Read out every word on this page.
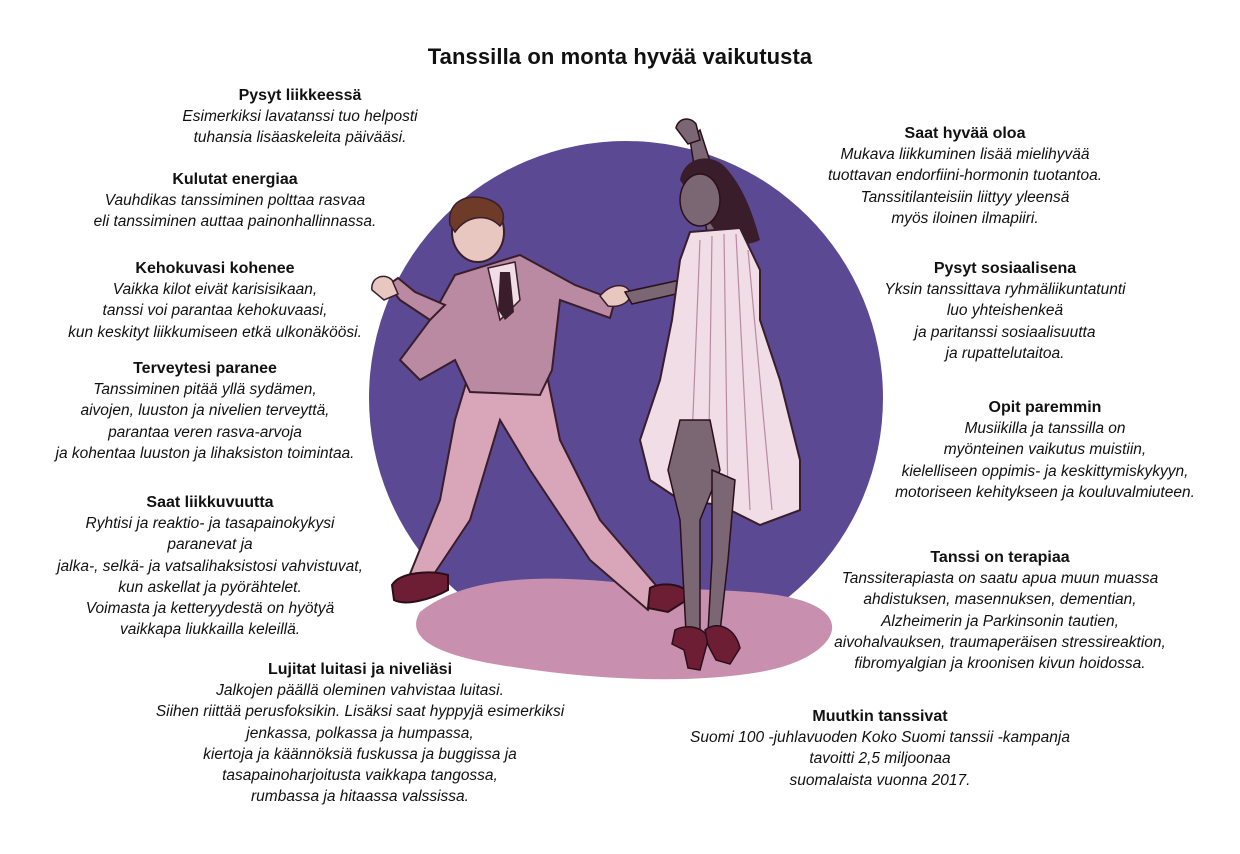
Tanssilla on monta hyvää vaikutusta
Pysyt liikkeessä
Esimerkiksi lavatanssi tuo helposti
tuhansia lisäaskeleita päivääsi.
Kulutat energiaa
Vauhdikas tanssiminen polttaa rasvaa
eli tanssiminen auttaa painonhallinnassa.
Kehokuvasi kohenee
Vaikka kilot eivät karisisikaan,
tanssi voi parantaa kehokuvaasi,
kun keskityt liikkumiseen etkä ulkonäköösi.
Terveytesi paranee
Tanssiminen pitää yllä sydämen,
aivojen, luuston ja nivelien terveyttä,
parantaa veren rasva-arvoja
ja kohentaa luuston ja lihaksiston toimintaa.
Saat liikkuvuutta
Ryhtisi ja reaktio- ja tasapainokykysi
paranevat ja
jalka-, selkä- ja vatsalihaksistosi vahvistuvat,
kun askellat ja pyörähtelet.
Voimasta ja ketteryydestä on hyötyä
vaikkapa liukkailla keleillä.
Lujitat luitasi ja niveliäsi
Jalkojen päällä oleminen vahvistaa luitasi.
Siihen riittää perusfoksikin. Lisäksi saat hyppyjä esimerkiksi
jenkassa, polkassa ja humpassa,
kiertoja ja käännöksiä fuskussa ja buggissa ja
tasapainoharjoitusta vaikkapa tangossa,
rumbassa ja hitaassa valssissa.
Saat hyvää oloa
Mukava liikkuminen lisää mielihyvää
tuottavan endorfiini-hormonin tuotantoa.
Tanssitilanteisiin liittyy yleensä
myös iloinen ilmapiiri.
Pysyt sosiaalisena
Yksin tanssittava ryhmäliikuntatunti
luo yhteishenkeä
ja paritanssi sosiaalisuutta
ja rupattelutaitoa.
Opit paremmin
Musiikilla ja tanssilla on
myönteinen vaikutus muistiin,
kielelliseen oppimis- ja keskittymiskykyyn,
motoriseen kehitykseen ja kouluvalmiuteen.
Tanssi on terapiaa
Tanssiterapiasta on saatu apua muun muassa
ahdistuksen, masennuksen, dementian,
Alzheimerin ja Parkinsonin tautien,
aivohalvauksen, traumaperäisen stressireaktion,
fibromyalgian ja kroonisen kivun hoidossa.
Muutkin tanssivat
Suomi 100 -juhlavuoden Koko Suomi tanssii -kampanja
tavoitti 2,5 miljoonaa
suomalaista vuonna 2017.
